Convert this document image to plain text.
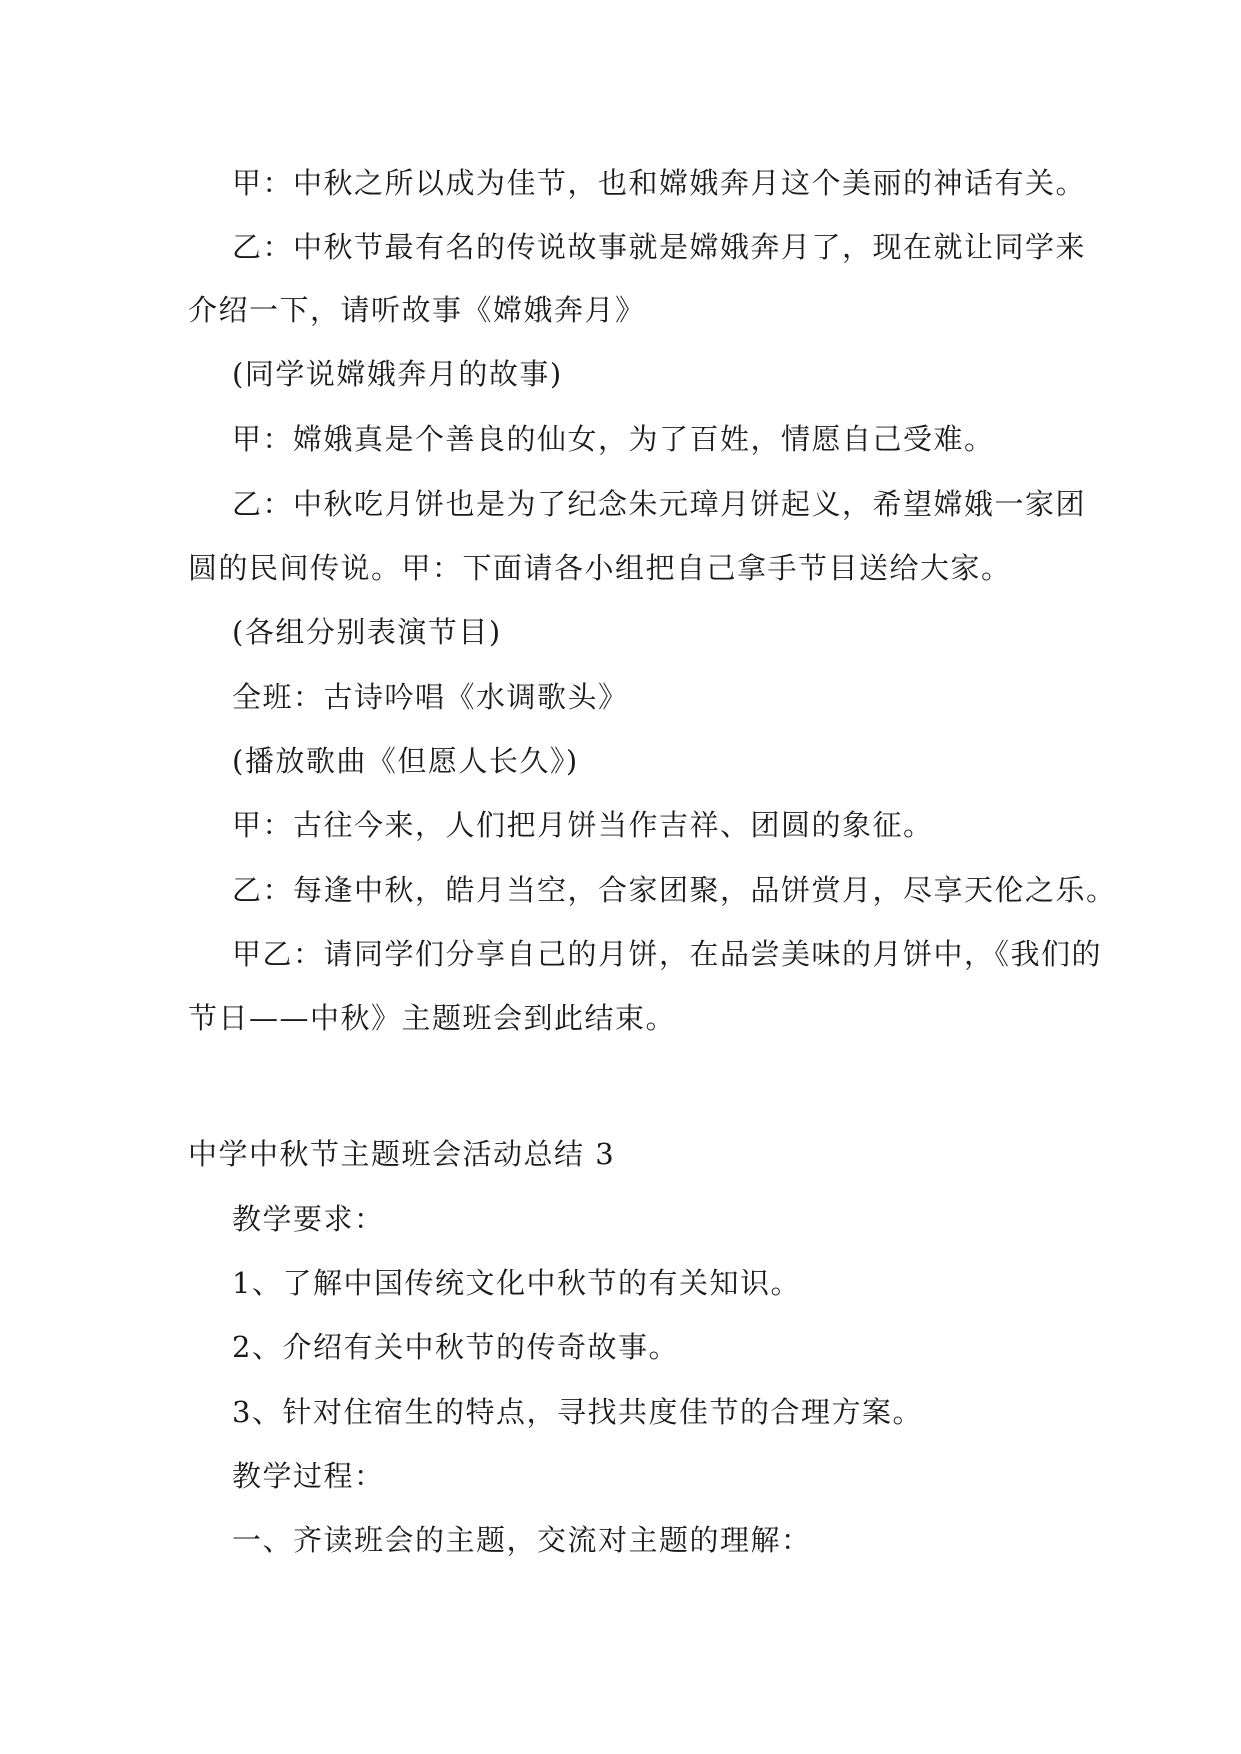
甲：中秋之所以成为佳节，也和嫦娥奔月这个美丽的神话有关。
乙：中秋节最有名的传说故事就是嫦娥奔月了，现在就让同学来
介绍一下，请听故事《嫦娥奔月》
(同学说嫦娥奔月的故事)
甲：嫦娥真是个善良的仙女，为了百姓，情愿自己受难。
乙：中秋吃月饼也是为了纪念朱元璋月饼起义，希望嫦娥一家团
圆的民间传说。甲：下面请各小组把自己拿手节目送给大家。
(各组分别表演节目)
全班：古诗吟唱《水调歌头》
(播放歌曲《但愿人长久》)
甲：古往今来，人们把月饼当作吉祥、团圆的象征。
乙：每逢中秋，皓月当空，合家团聚，品饼赏月，尽享天伦之乐。
甲乙：请同学们分享自己的月饼，在品尝美味的月饼中，《我们的
节日——中秋》主题班会到此结束。
中学中秋节主题班会活动总结 3
教学要求：
1、了解中国传统文化中秋节的有关知识。
2、介绍有关中秋节的传奇故事。
3、针对住宿生的特点，寻找共度佳节的合理方案。
教学过程：
一、齐读班会的主题，交流对主题的理解：
